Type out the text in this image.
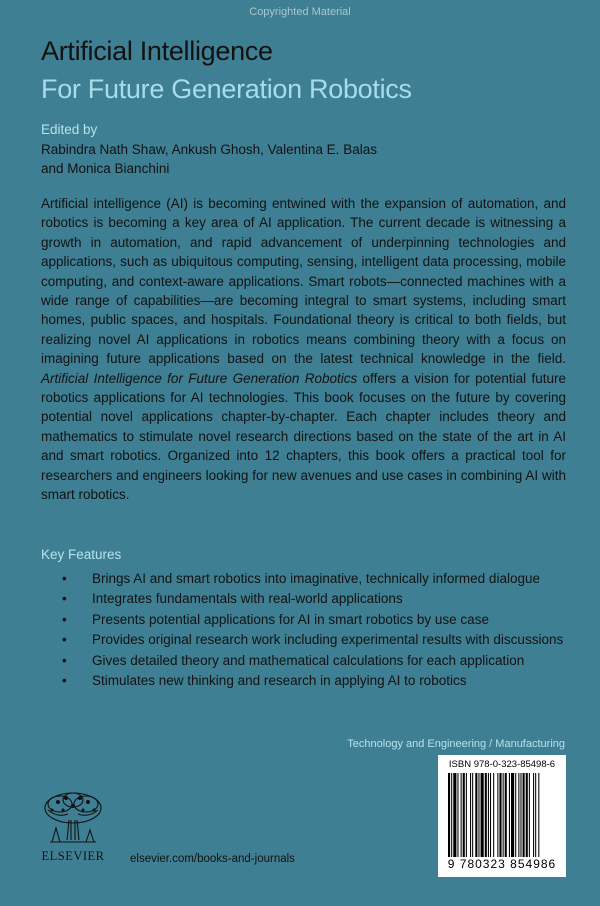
Copyrighted Material
Artificial Intelligence
For Future Generation Robotics
Edited by
Rabindra Nath Shaw, Ankush Ghosh, Valentina E. Balas
and Monica Bianchini

Artificial intelligence (AI) is becoming entwined with the expansion of automation, and robotics is becoming a key area of AI application. The current decade is witnessing a growth in automation, and rapid advancement of underpinning technologies and applications, such as ubiquitous computing, sensing, intelligent data processing, mobile computing, and context-aware applications. Smart robots—connected machines with a wide range of capabilities—are becoming integral to smart systems, including smart homes, public spaces, and hospitals. Foundational theory is critical to both fields, but realizing novel AI applications in robotics means combining theory with a focus on imagining future applications based on the latest technical knowledge in the field. Artificial Intelligence for Future Generation Robotics offers a vision for potential future robotics applications for AI technologies. This book focuses on the future by covering potential novel applications chapter-by-chapter. Each chapter includes theory and mathematics to stimulate novel research directions based on the state of the art in AI and smart robotics. Organized into 12 chapters, this book offers a practical tool for researchers and engineers looking for new avenues and use cases in combining AI with smart robotics.

Key Features
• Brings AI and smart robotics into imaginative, technically informed dialogue
• Integrates fundamentals with real-world applications
• Presents potential applications for AI in smart robotics by use case
• Provides original research work including experimental results with discussions
• Gives detailed theory and mathematical calculations for each application
• Stimulates new thinking and research in applying AI to robotics
Technology and Engineering / Manufacturing
ISBN 978-0-323-85498-6
9 780323 854986
ELSEVIER	elsevier.com/books-and-journals
